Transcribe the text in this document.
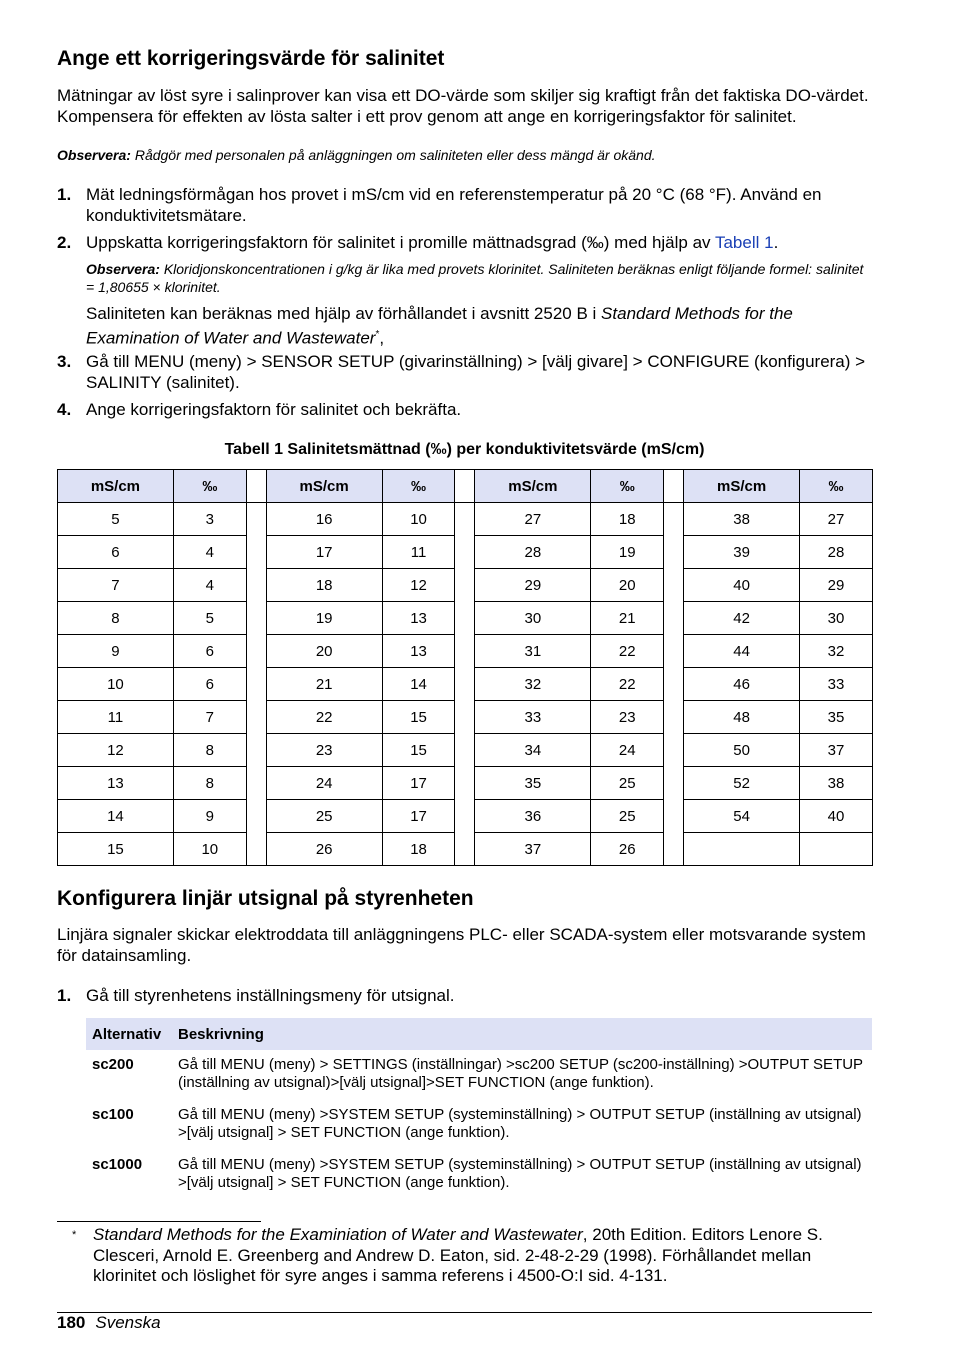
Ange ett korrigeringsvärde för salinitet

Mätningar av löst syre i salinprover kan visa ett DO-värde som skiljer sig kraftigt från det faktiska DO-värdet. Kompensera för effekten av lösta salter i ett prov genom att ange en korrigeringsfaktor för salinitet.

Observera: Rådgör med personalen på anläggningen om saliniteten eller dess mängd är okänd.

1. Mät ledningsförmågan hos provet i mS/cm vid en referenstemperatur på 20 °C (68 °F). Använd en konduktivitetsmätare.
2. Uppskatta korrigeringsfaktorn för salinitet i promille mättnadsgrad (‰) med hjälp av Tabell 1.

Observera: Kloridjonskoncentrationen i g/kg är lika med provets klorinitet. Saliniteten beräknas enligt följande formel: salinitet = 1,80655 × klorinitet.

Saliniteten kan beräknas med hjälp av förhållandet i avsnitt 2520 B i Standard Methods for the Examination of Water and Wastewater*,

3. Gå till MENU (meny) > SENSOR SETUP (givarinställning) > [välj givare] > CONFIGURE (konfigurera) > SALINITY (salinitet).
4. Ange korrigeringsfaktorn för salinitet och bekräfta.
Tabell 1 Salinitetsmättnad (‰) per konduktivitetsvärde (mS/cm)
mS/cm	‰		mS/cm	‰		mS/cm	‰		mS/cm	‰
5	3		16	10		27	18		38	27
6	4		17	11		28	19		39	28
7	4		18	12		29	20		40	29
8	5		19	13		30	21		42	30
9	6		20	13		31	22		44	32
10	6		21	14		32	22		46	33
11	7		22	15		33	23		48	35
12	8		23	15		34	24		50	37
13	8		24	17		35	25		52	38
14	9		25	17		36	25		54	40
15	10		26	18		37	26			
Konfigurera linjär utsignal på styrenheten

Linjära signaler skickar elektroddata till anläggningens PLC- eller SCADA-system eller motsvarande system för datainsamling.

1. Gå till styrenhetens inställningsmeny för utsignal.
Alternativ	Beskrivning
sc200	Gå till MENU (meny) > SETTINGS (inställningar) >sc200 SETUP (sc200-inställning) >OUTPUT SETUP (inställning av utsignal)>[välj utsignal]>SET FUNCTION (ange funktion).
sc100	Gå till MENU (meny) >SYSTEM SETUP (systeminställning) > OUTPUT SETUP (inställning av utsignal) >[välj utsignal] > SET FUNCTION (ange funktion).
sc1000	Gå till MENU (meny) >SYSTEM SETUP (systeminställning) > OUTPUT SETUP (inställning av utsignal) >[välj utsignal] > SET FUNCTION (ange funktion).
* Standard Methods for the Examiniation of Water and Wastewater, 20th Edition. Editors Lenore S. Clesceri, Arnold E. Greenberg and Andrew D. Eaton, sid. 2-48-2-29 (1998). Förhållandet mellan klorinitet och löslighet för syre anges i samma referens i 4500-O:I sid. 4-131.
180 Svenska
